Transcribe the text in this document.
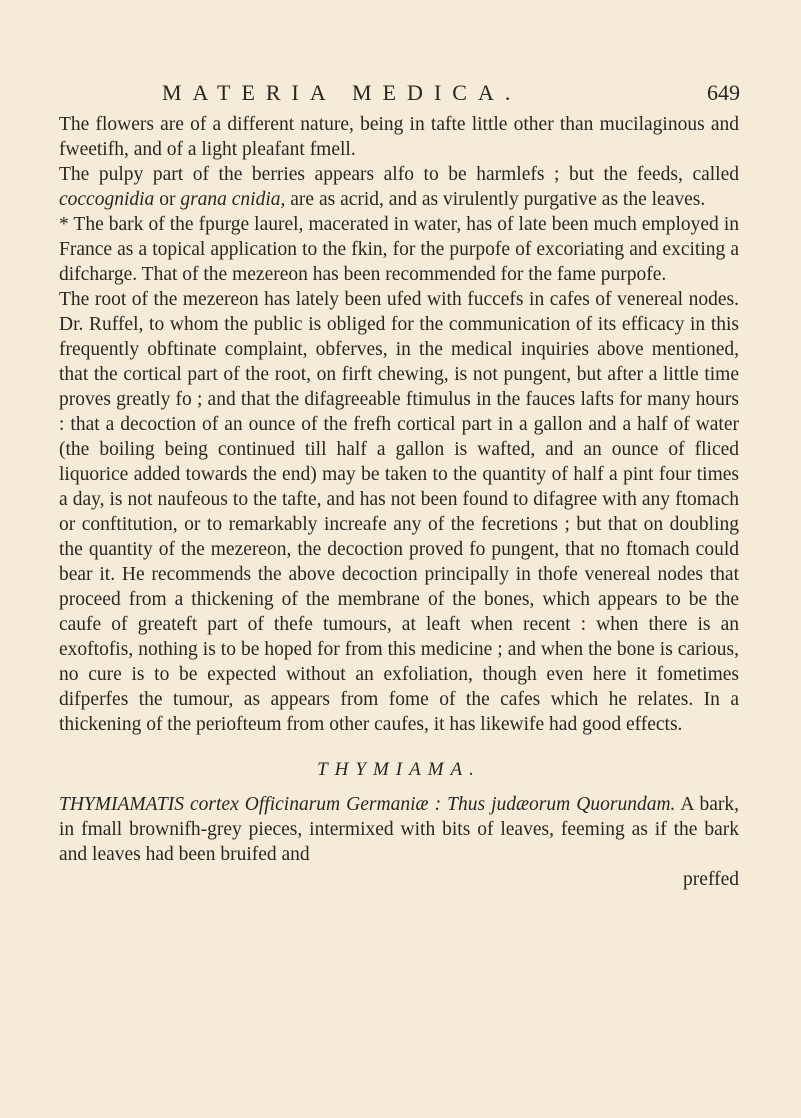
MATERIA MEDICA.	649

The flowers are of a different nature, being in tafte little other than mucilaginous and fweetifh, and of a light pleafant fmell.

The pulpy part of the berries appears alfo to be harmlefs ; but the feeds, called coccognidia or grana cnidia, are as acrid, and as virulently purgative as the leaves.

* The bark of the fpurge laurel, macerated in water, has of late been much employed in France as a topical application to the fkin, for the purpofe of excoriating and exciting a difcharge. That of the mezereon has been recommended for the fame purpofe.

The root of the mezereon has lately been ufed with fuccefs in cafes of venereal nodes. Dr. Ruffel, to whom the public is obliged for the communication of its efficacy in this frequently obftinate complaint, obferves, in the medical inquiries above mentioned, that the cortical part of the root, on firft chewing, is not pungent, but after a little time proves greatly fo ; and that the difagreeable ftimulus in the fauces lafts for many hours : that a decoction of an ounce of the frefh cortical part in a gallon and a half of water (the boiling being continued till half a gallon is wafted, and an ounce of fliced liquorice added towards the end) may be taken to the quantity of half a pint four times a day, is not naufeous to the tafte, and has not been found to difagree with any ftomach or conftitution, or to remarkably increafe any of the fecretions ; but that on doubling the quantity of the mezereon, the decoction proved fo pungent, that no ftomach could bear it. He recommends the above decoction principally in thofe venereal nodes that proceed from a thickening of the membrane of the bones, which appears to be the caufe of greateft part of thefe tumours, at leaft when recent : when there is an exoftofis, nothing is to be hoped for from this medicine ; and when the bone is carious, no cure is to be expected without an exfoliation, though even here it fometimes difperfes the tumour, as appears from fome of the cafes which he relates. In a thickening of the periofteum from other caufes, it has likewife had good effects.

THYMIAMA.

THYMIAMATIS cortex Officinarum Germaniæ : Thus judæorum Quorundam. A bark, in fmall brownifh-grey pieces, intermixed with bits of leaves, feeming as if the bark and leaves had been bruifed and

preffed
